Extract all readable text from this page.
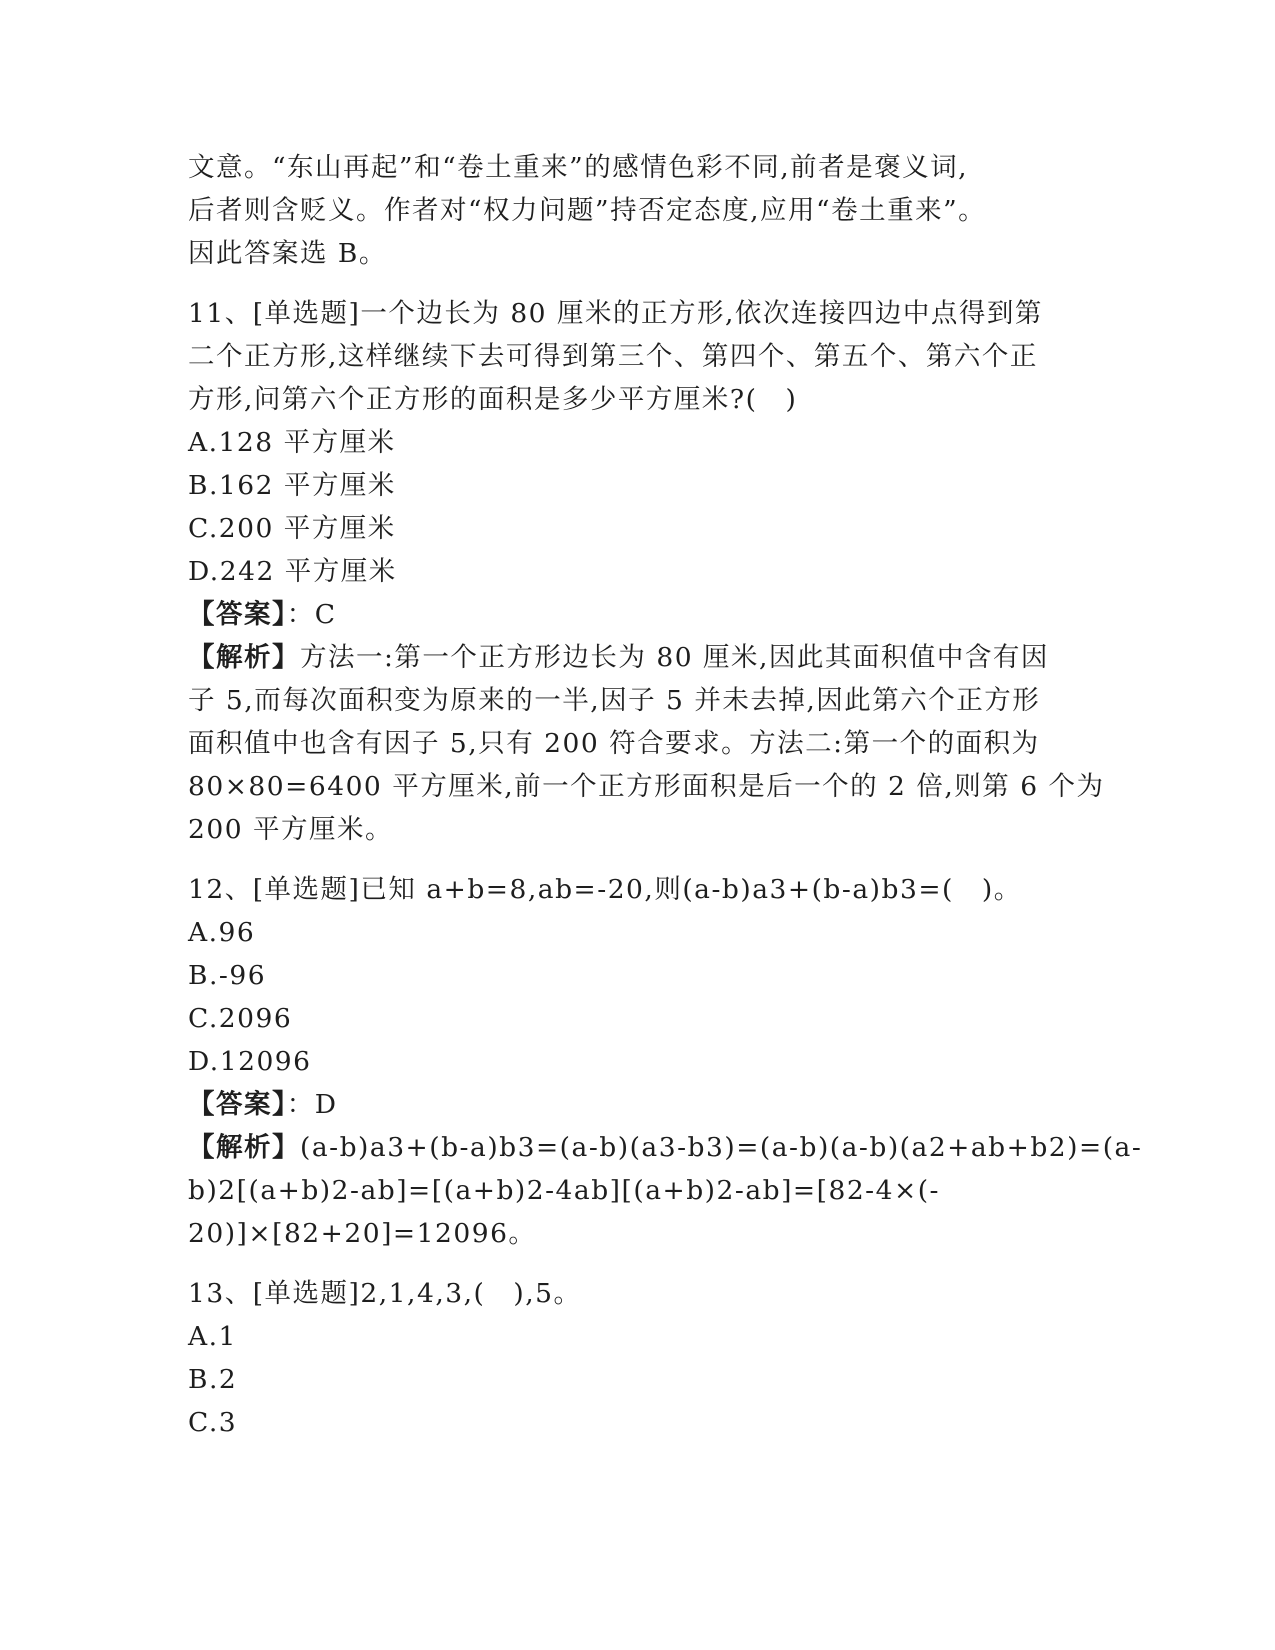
文意。“东山再起”和“卷土重来”的感情色彩不同,前者是褒义词,
后者则含贬义。作者对“权力问题”持否定态度,应用“卷土重来”。
因此答案选 B。
11、[单选题]一个边长为 80 厘米的正方形,依次连接四边中点得到第
二个正方形,这样继续下去可得到第三个、第四个、第五个、第六个正
方形,问第六个正方形的面积是多少平方厘米?(　)
A.128 平方厘米
B.162 平方厘米
C.200 平方厘米
D.242 平方厘米
【答案】：C
【解析】方法一:第一个正方形边长为 80 厘米,因此其面积值中含有因
子 5,而每次面积变为原来的一半,因子 5 并未去掉,因此第六个正方形
面积值中也含有因子 5,只有 200 符合要求。方法二:第一个的面积为
80×80=6400 平方厘米,前一个正方形面积是后一个的 2 倍,则第 6 个为
200 平方厘米。
12、[单选题]已知 a+b=8,ab=-20,则(a-b)a3+(b-a)b3=(　)。
A.96
B.-96
C.2096
D.12096
【答案】：D
【解析】(a-b)a3+(b-a)b3=(a-b)(a3-b3)=(a-b)(a-b)(a2+ab+b2)=(a-
b)2[(a+b)2-ab]=[(a+b)2-4ab][(a+b)2-ab]=[82-4×(-
20)]×[82+20]=12096。
13、[单选题]2,1,4,3,(　),5。
A.1
B.2
C.3
